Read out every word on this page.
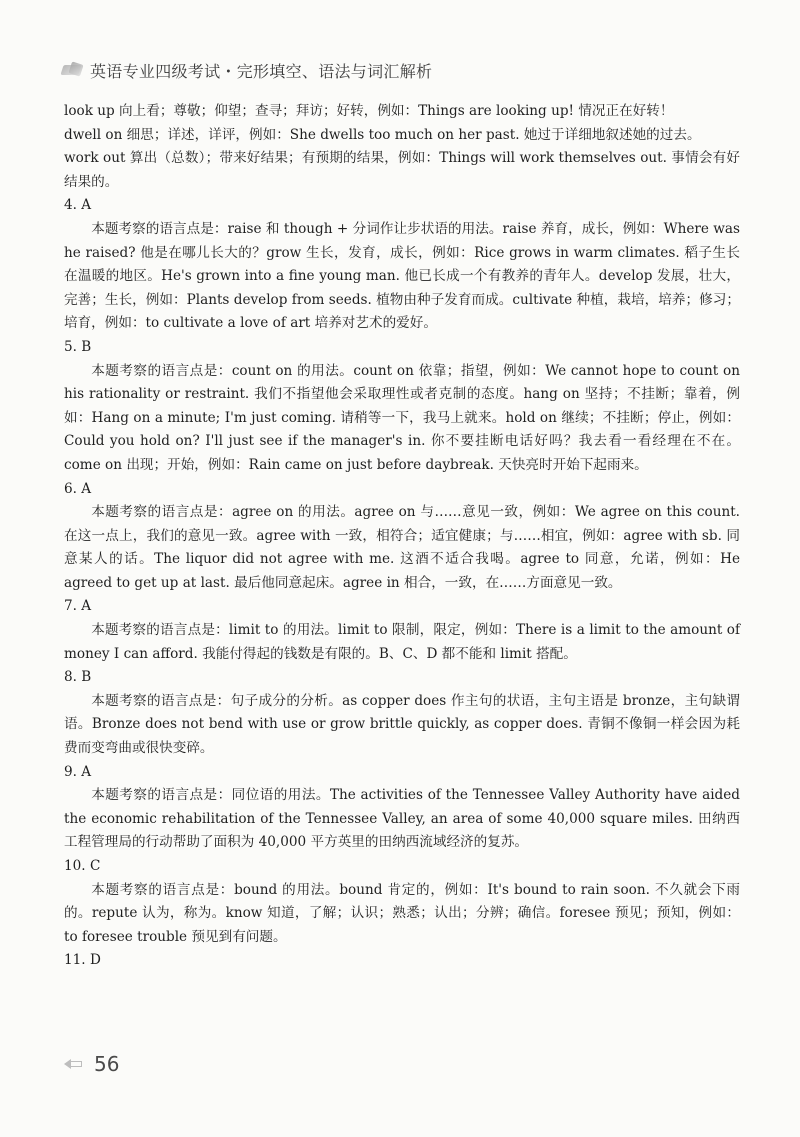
英语专业四级考试・完形填空、语法与词汇解析

look up 向上看；尊敬；仰望；查寻；拜访；好转，例如：Things are looking up! 情况正在好转！

dwell on 细思；详述，详评，例如：She dwells too much on her past. 她过于详细地叙述她的过去。

work out 算出（总数）；带来好结果；有预期的结果，例如：Things will work themselves out. 事情会有好结果的。

4. A

本题考察的语言点是：raise 和 though + 分词作让步状语的用法。raise 养育，成长，例如：Where was he raised? 他是在哪儿长大的？grow 生长，发育，成长，例如：Rice grows in warm climates. 稻子生长在温暖的地区。He's grown into a fine young man. 他已长成一个有教养的青年人。develop 发展，壮大，完善；生长，例如：Plants develop from seeds. 植物由种子发育而成。cultivate 种植，栽培，培养；修习；培育，例如：to cultivate a love of art 培养对艺术的爱好。

5. B

本题考察的语言点是：count on 的用法。count on 依靠；指望，例如：We cannot hope to count on his rationality or restraint. 我们不指望他会采取理性或者克制的态度。hang on 坚持；不挂断；靠着，例如：Hang on a minute; I'm just coming. 请稍等一下，我马上就来。hold on 继续；不挂断；停止，例如：Could you hold on? I'll just see if the manager's in. 你不要挂断电话好吗？我去看一看经理在不在。come on 出现；开始，例如：Rain came on just before daybreak. 天快亮时开始下起雨来。

6. A

本题考察的语言点是：agree on 的用法。agree on 与……意见一致，例如：We agree on this count. 在这一点上，我们的意见一致。agree with 一致，相符合；适宜健康；与……相宜，例如：agree with sb. 同意某人的话。The liquor did not agree with me. 这酒不适合我喝。agree to 同意，允诺，例如：He agreed to get up at last. 最后他同意起床。agree in 相合，一致，在……方面意见一致。

7. A

本题考察的语言点是：limit to 的用法。limit to 限制，限定，例如：There is a limit to the amount of money I can afford. 我能付得起的钱数是有限的。B、C、D 都不能和 limit 搭配。

8. B

本题考察的语言点是：句子成分的分析。as copper does 作主句的状语，主句主语是 bronze，主句缺谓语。Bronze does not bend with use or grow brittle quickly, as copper does. 青铜不像铜一样会因为耗费而变弯曲或很快变碎。

9. A

本题考察的语言点是：同位语的用法。The activities of the Tennessee Valley Authority have aided the economic rehabilitation of the Tennessee Valley, an area of some 40,000 square miles. 田纳西工程管理局的行动帮助了面积为 40,000 平方英里的田纳西流域经济的复苏。

10. C

本题考察的语言点是：bound 的用法。bound 肯定的，例如：It's bound to rain soon. 不久就会下雨的。repute 认为，称为。know 知道，了解；认识；熟悉；认出；分辨；确信。foresee 预见；预知，例如：to foresee trouble 预见到有问题。

11. D

56
